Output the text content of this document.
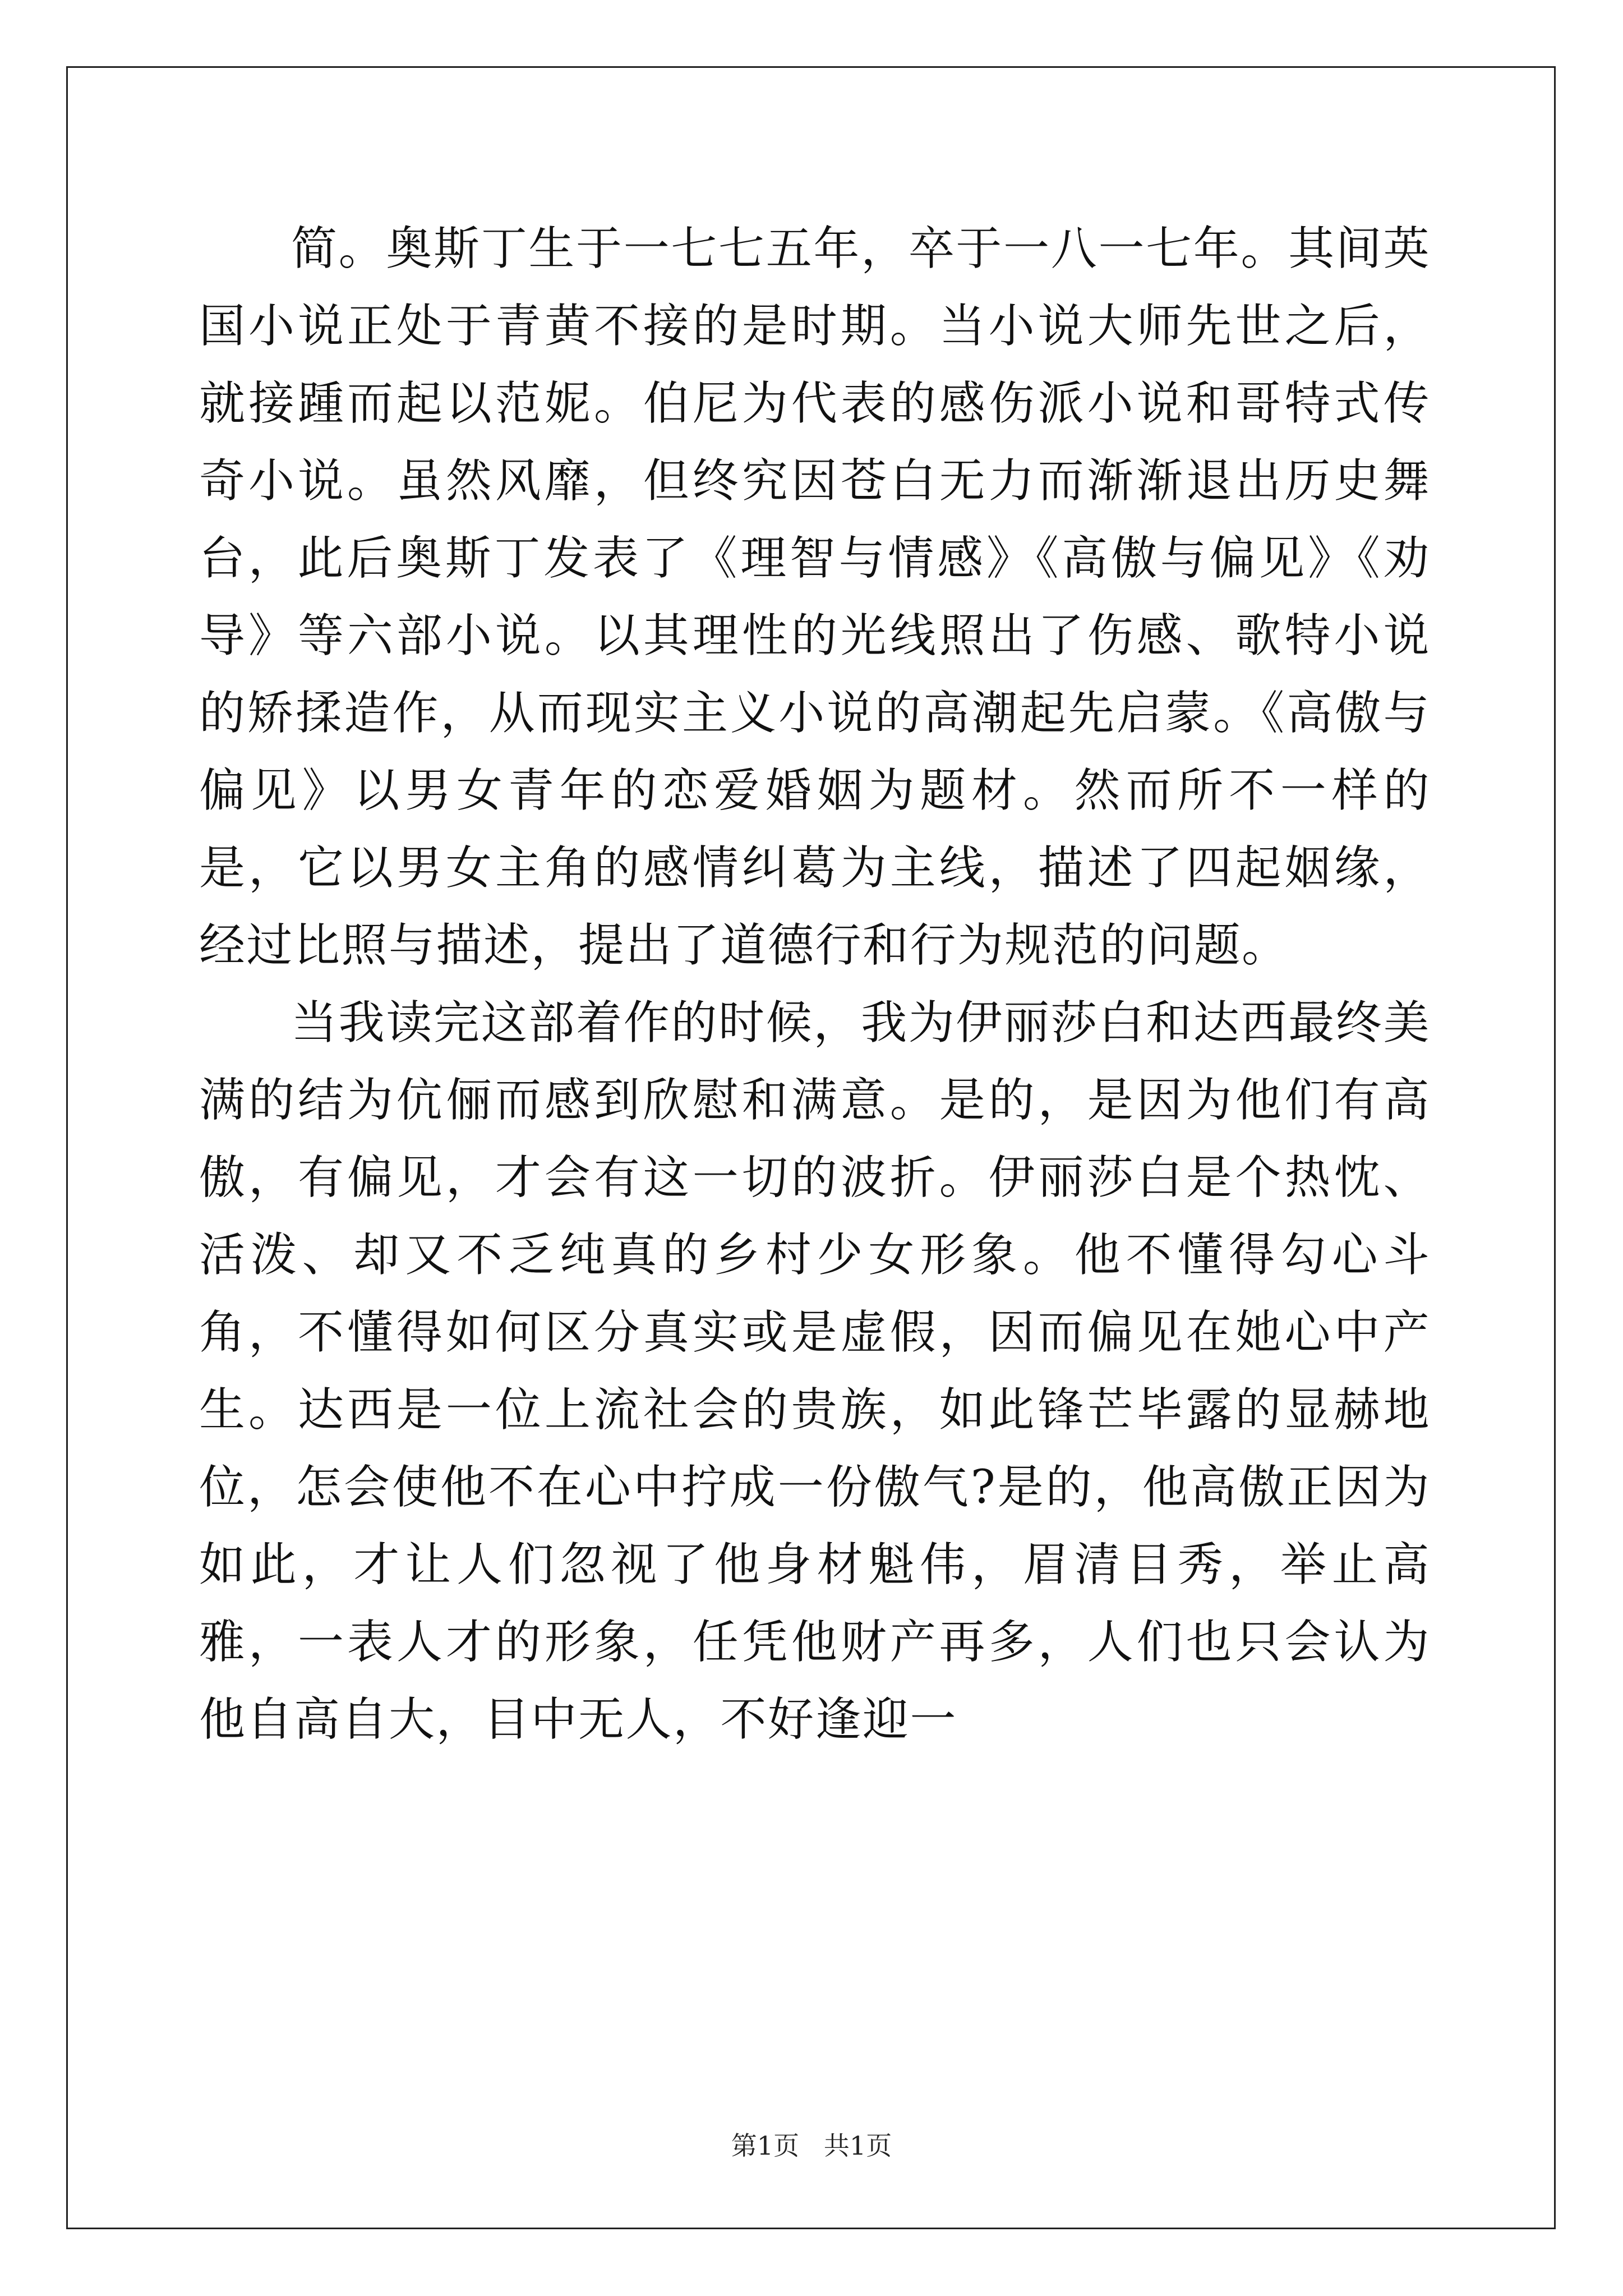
简。奥斯丁生于一七七五年，卒于一八一七年。其间英国小说正处于青黄不接的是时期。当小说大师先世之后，就接踵而起以范妮。伯尼为代表的感伤派小说和哥特式传奇小说。虽然风靡，但终究因苍白无力而渐渐退出历史舞台，此后奥斯丁发表了《理智与情感》《高傲与偏见》《劝导》等六部小说。以其理性的光线照出了伤感、歌特小说的矫揉造作，从而现实主义小说的高潮起先启蒙。《高傲与偏见》以男女青年的恋爱婚姻为题材。然而所不一样的是，它以男女主角的感情纠葛为主线，描述了四起姻缘，经过比照与描述，提出了道德行和行为规范的问题。

当我读完这部着作的时候，我为伊丽莎白和达西最终美满的结为伉俪而感到欣慰和满意。是的，是因为他们有高傲，有偏见，才会有这一切的波折。伊丽莎白是个热忱、活泼、却又不乏纯真的乡村少女形象。他不懂得勾心斗角，不懂得如何区分真实或是虚假，因而偏见在她心中产生。达西是一位上流社会的贵族，如此锋芒毕露的显赫地位，怎会使他不在心中拧成一份傲气?是的，他高傲正因为如此，才让人们忽视了他身材魁伟，眉清目秀，举止高雅，一表人才的形象，任凭他财产再多，人们也只会认为他自高自大，目中无人，不好逢迎一

第1页   共1页
